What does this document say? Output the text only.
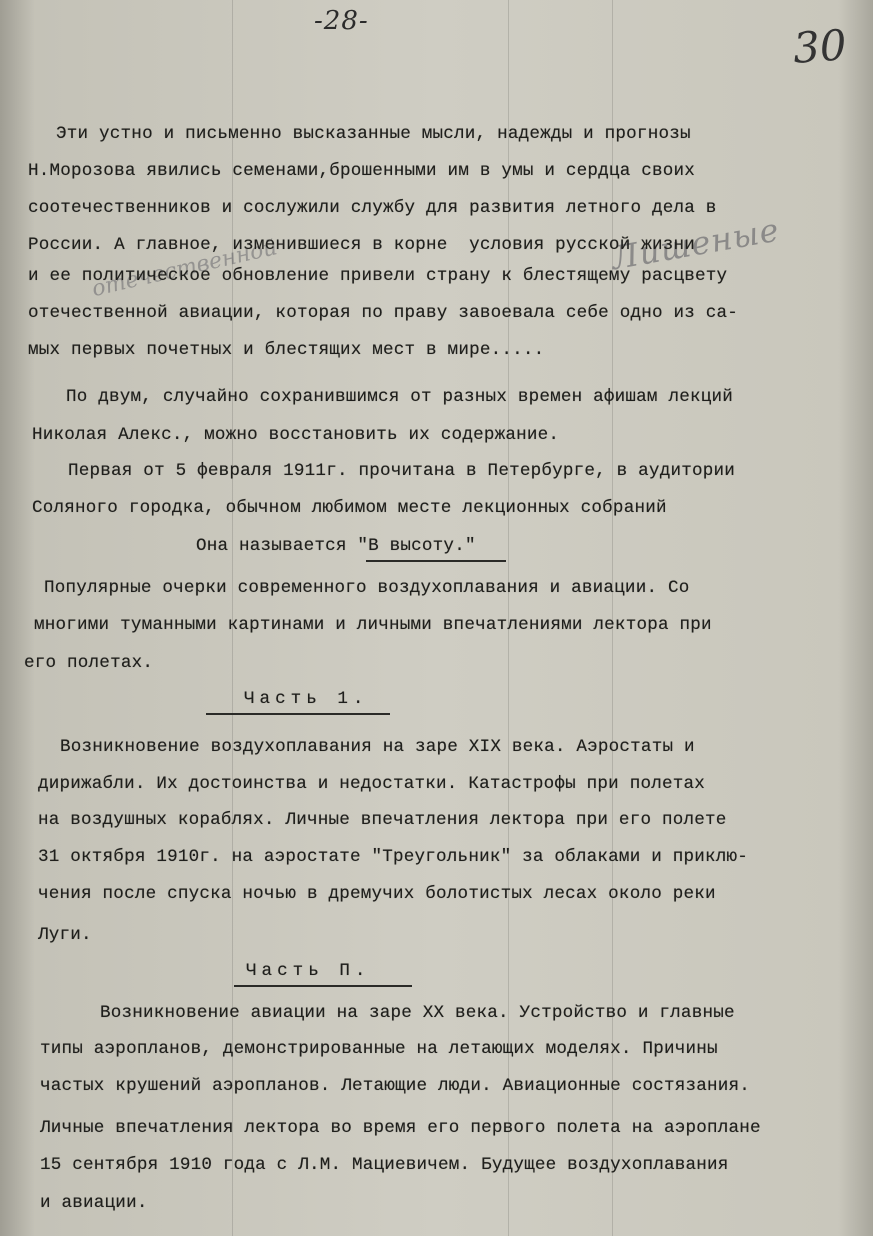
-28-	30
Лишеные
отечественной
Эти устно и письменно высказанные мысли, надежды и прогнозы
Н.Морозова явились семенами,брошенными им в умы и сердца своих
соотечественников и сослужили службу для развития летного дела в
России. А главное, изменившиеся в корне  условия русской жизни
и ее политическое обновление привели страну к блестящему расцвету
отечественной авиации, которая по праву завоевала себе одно из са-
мых первых почетных и блестящих мест в мире.....
По двум, случайно сохранившимся от разных времен афишам лекций
Николая Алекс., можно восстановить их содержание.
Первая от 5 февраля 1911г. прочитана в Петербурге, в аудитории
Соляного городка, обычном любимом месте лекционных собраний
Она называется "В высоту."
Популярные очерки современного воздухоплавания и авиации. Со
многими туманными картинами и личными впечатлениями лектора при
его полетах.
Часть 1.
Возникновение воздухоплавания на заре XIX века. Аэростаты и
дирижабли. Их достоинства и недостатки. Катастрофы при полетах
на воздушных кораблях. Личные впечатления лектора при его полете
31 октября 1910г. на аэростате "Треугольник" за облаками и приклю-
чения после спуска ночью в дремучих болотистых лесах около реки
Луги.
Часть П.
Возникновение авиации на заре XX века. Устройство и главные
типы аэропланов, демонстрированные на летающих моделях. Причины
частых крушений аэропланов. Летающие люди. Авиационные состязания.
Личные впечатления лектора во время его первого полета на аэроплане
15 сентября 1910 года с Л.М. Мациевичем. Будущее воздухоплавания
и авиации.
